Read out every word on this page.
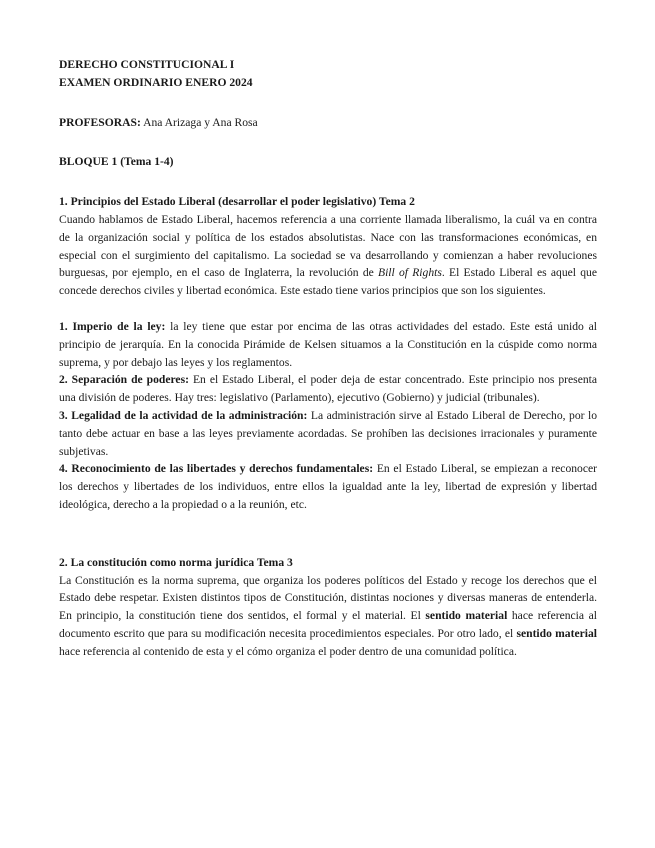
DERECHO CONSTITUCIONAL I

EXAMEN ORDINARIO ENERO 2024

PROFESORAS: Ana Arizaga y Ana Rosa

BLOQUE 1 (Tema 1-4)

1. Principios del Estado Liberal (desarrollar el poder legislativo) Tema 2

Cuando hablamos de Estado Liberal, hacemos referencia a una corriente llamada liberalismo, la cuál va en contra de la organización social y política de los estados absolutistas. Nace con las transformaciones económicas, en especial con el surgimiento del capitalismo. La sociedad se va desarrollando y comienzan a haber revoluciones burguesas, por ejemplo, en el caso de Inglaterra, la revolución de Bill of Rights. El Estado Liberal es aquel que concede derechos civiles y libertad económica. Este estado tiene varios principios que son los siguientes.

1. Imperio de la ley: la ley tiene que estar por encima de las otras actividades del estado. Este está unido al principio de jerarquía. En la conocida Pirámide de Kelsen situamos a la Constitución en la cúspide como norma suprema, y por debajo las leyes y los reglamentos.

2. Separación de poderes: En el Estado Liberal, el poder deja de estar concentrado. Este principio nos presenta una división de poderes. Hay tres: legislativo (Parlamento), ejecutivo (Gobierno) y judicial (tribunales).

3. Legalidad de la actividad de la administración: La administración sirve al Estado Liberal de Derecho, por lo tanto debe actuar en base a las leyes previamente acordadas. Se prohíben las decisiones irracionales y puramente subjetivas.

4. Reconocimiento de las libertades y derechos fundamentales: En el Estado Liberal, se empiezan a reconocer los derechos y libertades de los individuos, entre ellos la igualdad ante la ley, libertad de expresión y libertad ideológica, derecho a la propiedad o a la reunión, etc.

2. La constitución como norma jurídica Tema 3

La Constitución es la norma suprema, que organiza los poderes políticos del Estado y recoge los derechos que el Estado debe respetar. Existen distintos tipos de Constitución, distintas nociones y diversas maneras de entenderla. En principio, la constitución tiene dos sentidos, el formal y el material. El sentido material hace referencia al documento escrito que para su modificación necesita procedimientos especiales. Por otro lado, el sentido material hace referencia al contenido de esta y el cómo organiza el poder dentro de una comunidad política.
